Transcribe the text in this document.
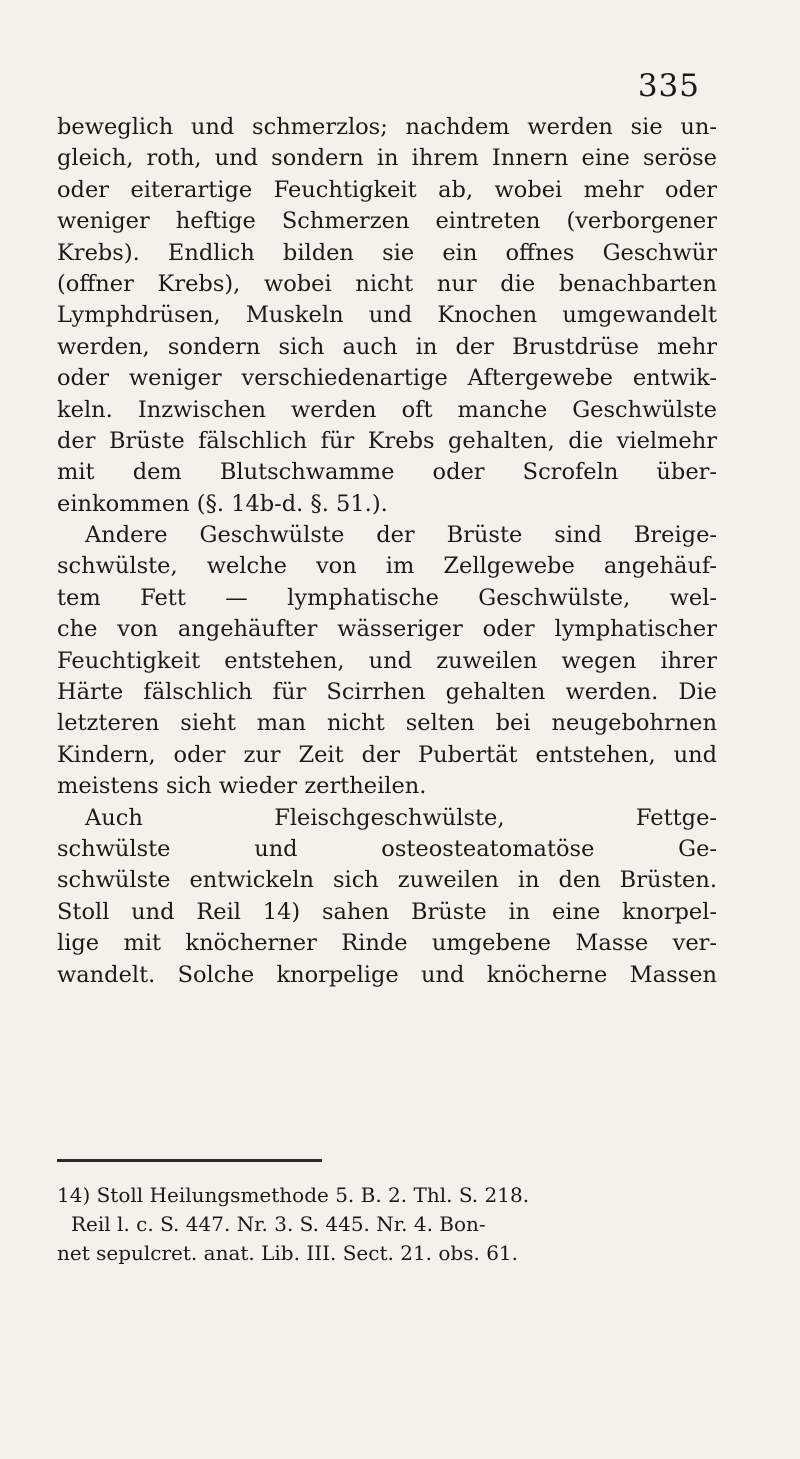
335
beweglich und schmerzlos; nachdem werden sie un-
gleich, roth, und sondern in ihrem Innern eine seröse
oder eiterartige Feuchtigkeit ab, wobei mehr oder
weniger heftige Schmerzen eintreten (verborgener
Krebs). Endlich bilden sie ein offnes Geschwür
(offner Krebs), wobei nicht nur die benachbarten
Lymphdrüsen, Muskeln und Knochen umgewandelt
werden, sondern sich auch in der Brustdrüse mehr
oder weniger verschiedenartige Aftergewebe entwik-
keln. Inzwischen werden oft manche Geschwülste
der Brüste fälschlich für Krebs gehalten, die vielmehr
mit dem Blutschwamme oder Scrofeln über-
einkommen (§. 14b-d. §. 51.).
Andere Geschwülste der Brüste sind Breige-
schwülste, welche von im Zellgewebe angehäuf-
tem Fett — lymphatische Geschwülste, wel-
che von angehäufter wässeriger oder lymphatischer
Feuchtigkeit entstehen, und zuweilen wegen ihrer
Härte fälschlich für Scirrhen gehalten werden. Die
letzteren sieht man nicht selten bei neugebohrnen
Kindern, oder zur Zeit der Pubertät entstehen, und
meistens sich wieder zertheilen.
Auch Fleischgeschwülste, Fettge-
schwülste und osteosteatomatöse Ge-
schwülste entwickeln sich zuweilen in den Brüsten.
Stoll und Reil 14) sahen Brüste in eine knorpel-
lige mit knöcherner Rinde umgebene Masse ver-
wandelt. Solche knorpelige und knöcherne Massen
14) Stoll Heilungsmethode 5. B. 2. Thl. S. 218.
Reil l. c. S. 447. Nr. 3. S. 445. Nr. 4. Bon-
net sepulcret. anat. Lib. III. Sect. 21. obs. 61.
